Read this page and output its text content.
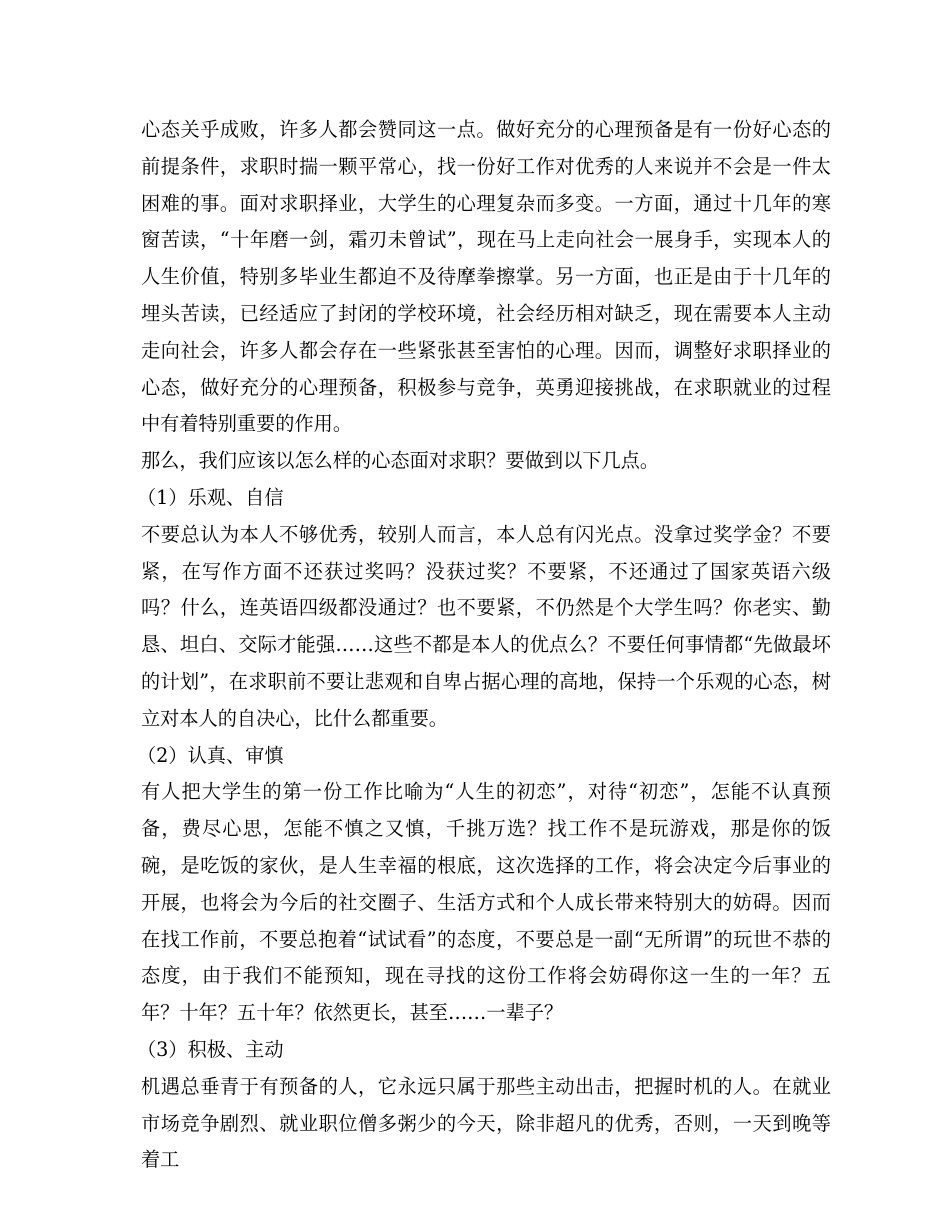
心态关乎成败，许多人都会赞同这一点。做好充分的心理预备是有一份好心态的前提条件，求职时揣一颗平常心，找一份好工作对优秀的人来说并不会是一件太困难的事。面对求职择业，大学生的心理复杂而多变。一方面，通过十几年的寒窗苦读，“十年磨一剑，霜刃未曾试”，现在马上走向社会一展身手，实现本人的人生价值，特别多毕业生都迫不及待摩拳擦掌。另一方面，也正是由于十几年的埋头苦读，已经适应了封闭的学校环境，社会经历相对缺乏，现在需要本人主动走向社会，许多人都会存在一些紧张甚至害怕的心理。因而，调整好求职择业的心态，做好充分的心理预备，积极参与竞争，英勇迎接挑战，在求职就业的过程中有着特别重要的作用。

那么，我们应该以怎么样的心态面对求职？要做到以下几点。

（1）乐观、自信

不要总认为本人不够优秀，较别人而言，本人总有闪光点。没拿过奖学金？不要紧，在写作方面不还获过奖吗？没获过奖？不要紧，不还通过了国家英语六级吗？什么，连英语四级都没通过？也不要紧，不仍然是个大学生吗？你老实、勤恳、坦白、交际才能强……这些不都是本人的优点么？不要任何事情都“先做最坏的计划”，在求职前不要让悲观和自卑占据心理的高地，保持一个乐观的心态，树立对本人的自决心，比什么都重要。

（2）认真、审慎

有人把大学生的第一份工作比喻为“人生的初恋”，对待“初恋”，怎能不认真预备，费尽心思，怎能不慎之又慎，千挑万选？找工作不是玩游戏，那是你的饭碗，是吃饭的家伙，是人生幸福的根底，这次选择的工作，将会决定今后事业的开展，也将会为今后的社交圈子、生活方式和个人成长带来特别大的妨碍。因而在找工作前，不要总抱着“试试看”的态度，不要总是一副“无所谓”的玩世不恭的态度，由于我们不能预知，现在寻找的这份工作将会妨碍你这一生的一年？五年？十年？五十年？依然更长，甚至……一辈子？

（3）积极、主动

机遇总垂青于有预备的人，它永远只属于那些主动出击，把握时机的人。在就业市场竞争剧烈、就业职位僧多粥少的今天，除非超凡的优秀，否则，一天到晚等着工
